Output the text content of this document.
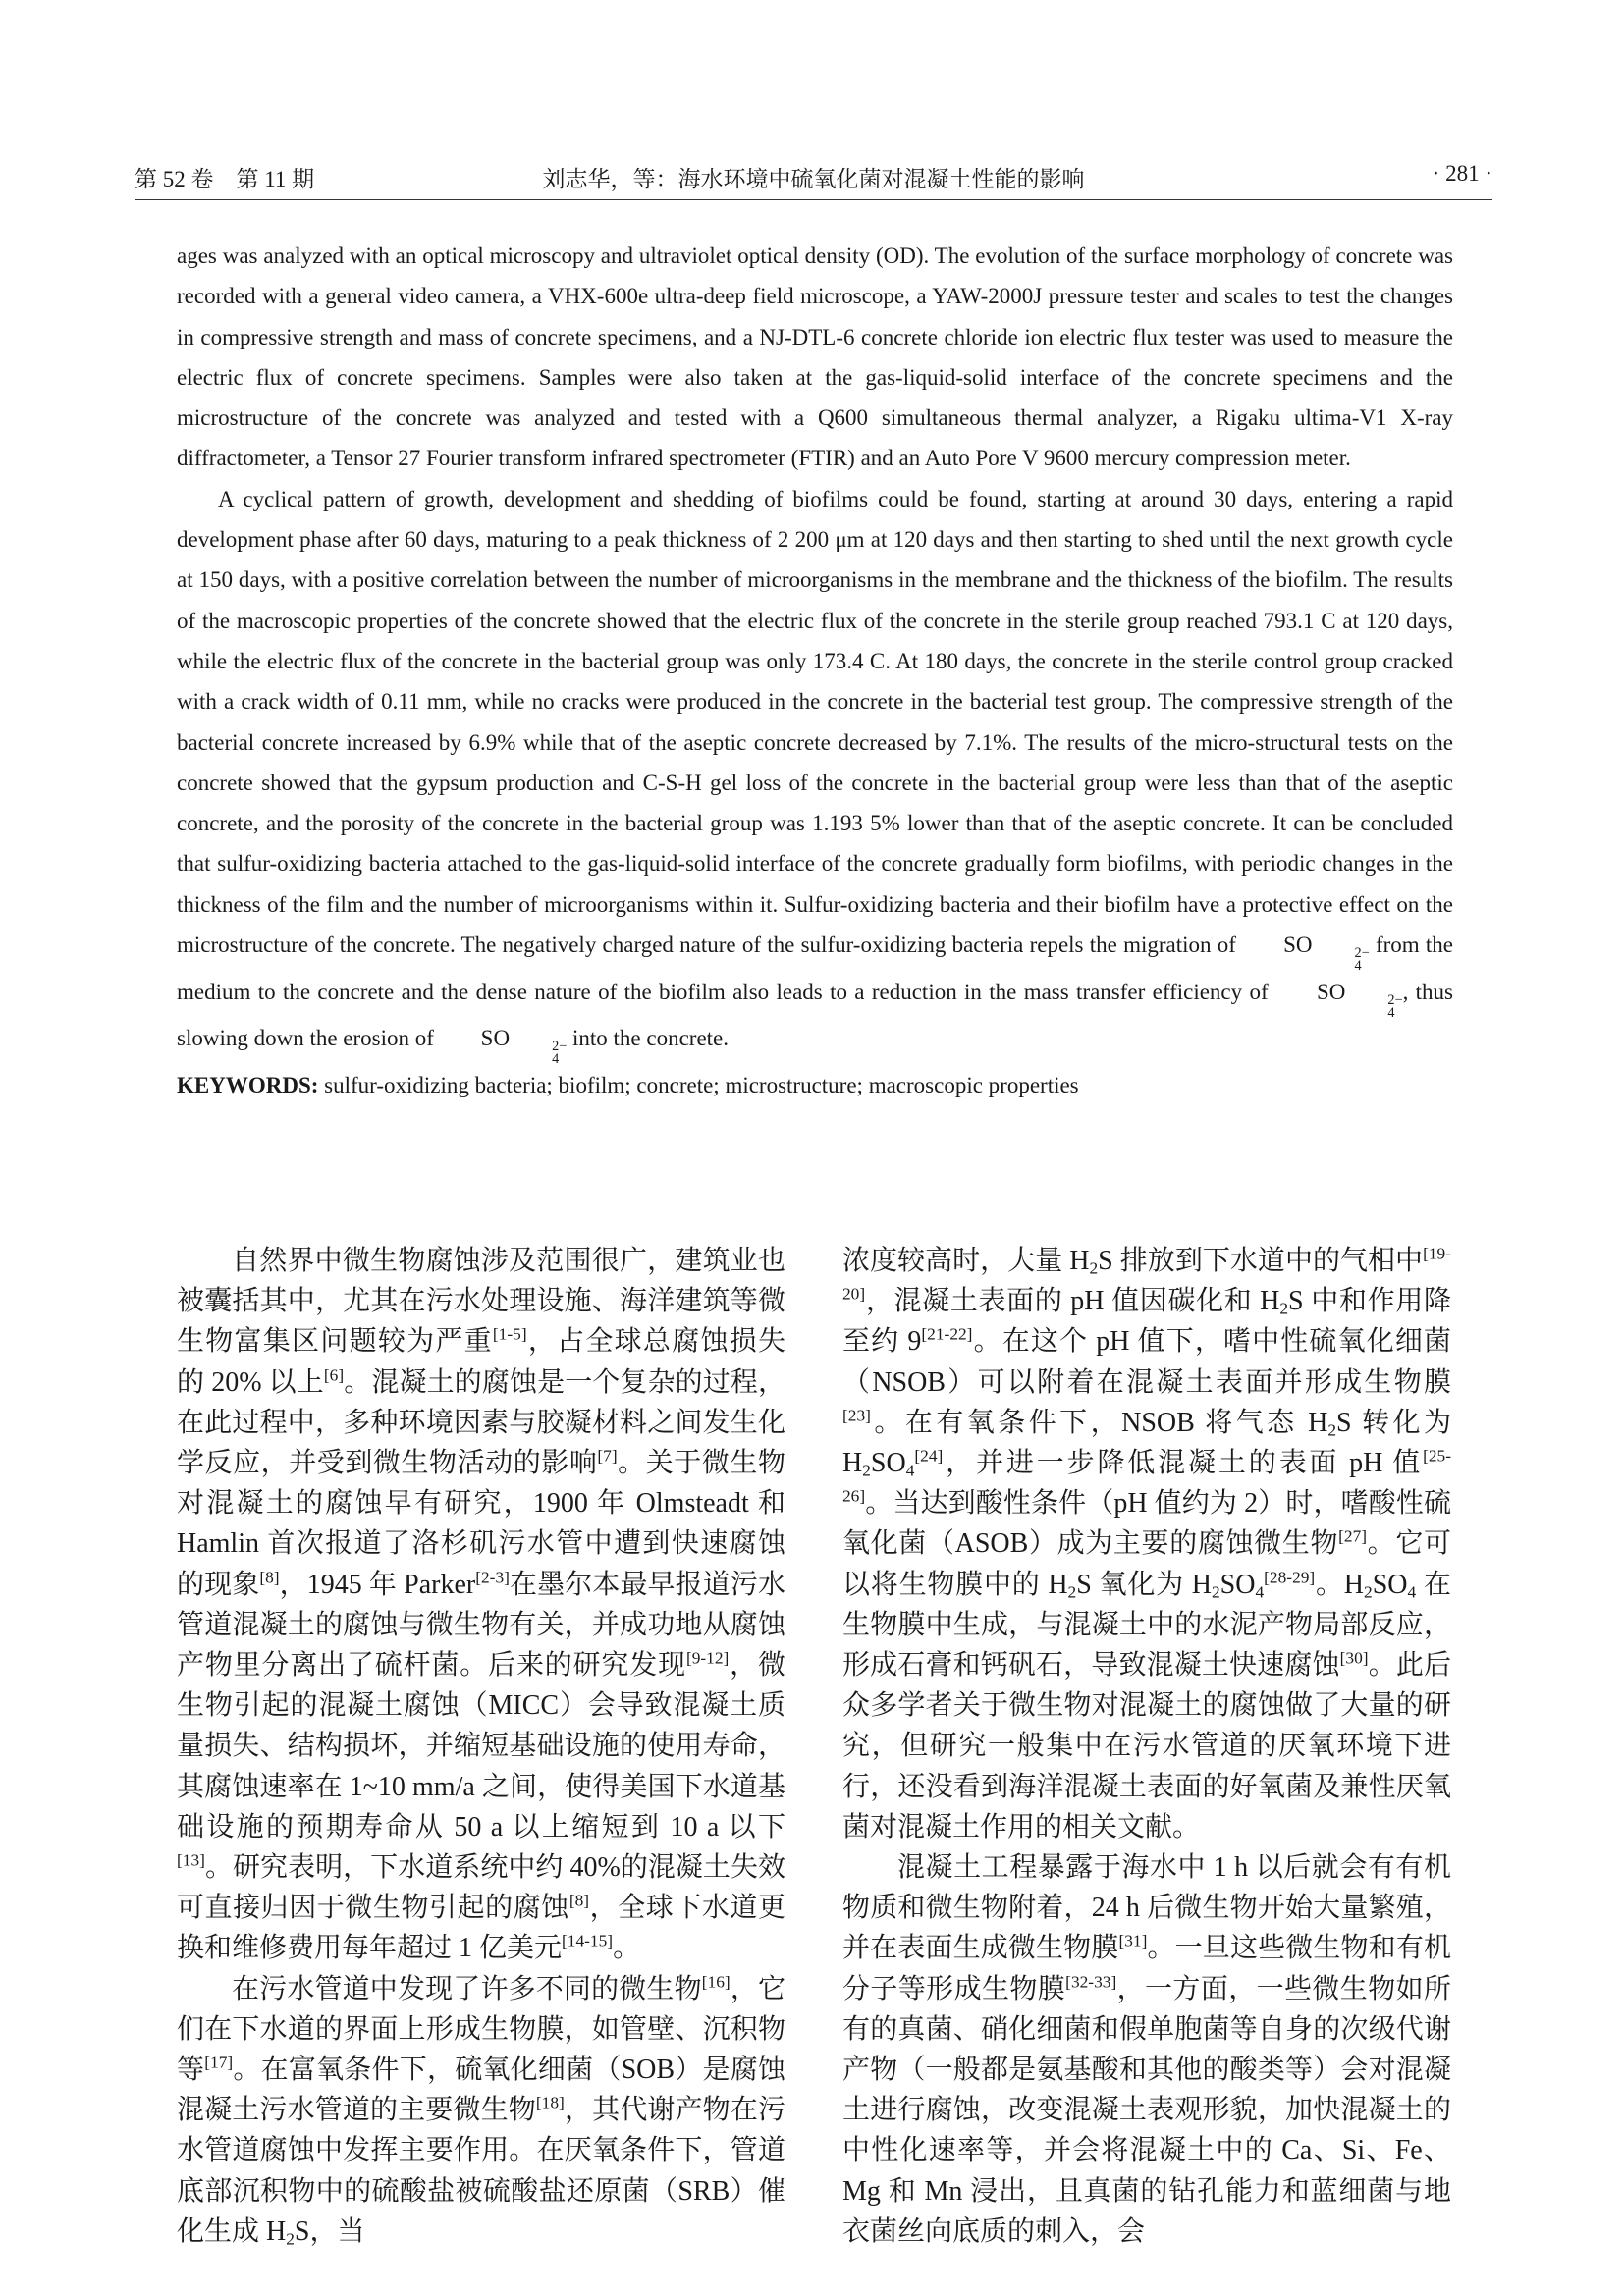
第 52 卷　第 11 期	刘志华，等：海水环境中硫氧化菌对混凝土性能的影响	· 281 ·

ages was analyzed with an optical microscopy and ultraviolet optical density (OD). The evolution of the surface morphology of concrete was recorded with a general video camera, a VHX-600e ultra-deep field microscope, a YAW-2000J pressure tester and scales to test the changes in compressive strength and mass of concrete specimens, and a NJ-DTL-6 concrete chloride ion electric flux tester was used to measure the electric flux of concrete specimens. Samples were also taken at the gas-liquid-solid interface of the concrete specimens and the microstructure of the concrete was analyzed and tested with a Q600 simultaneous thermal analyzer, a Rigaku ultima-V1 X-ray diffractometer, a Tensor 27 Fourier transform infrared spectrometer (FTIR) and an Auto Pore V 9600 mercury compression meter.

A cyclical pattern of growth, development and shedding of biofilms could be found, starting at around 30 days, entering a rapid development phase after 60 days, maturing to a peak thickness of 2 200 μm at 120 days and then starting to shed until the next growth cycle at 150 days, with a positive correlation between the number of microorganisms in the membrane and the thickness of the biofilm. The results of the macroscopic properties of the concrete showed that the electric flux of the concrete in the sterile group reached 793.1 C at 120 days, while the electric flux of the concrete in the bacterial group was only 173.4 C. At 180 days, the concrete in the sterile control group cracked with a crack width of 0.11 mm, while no cracks were produced in the concrete in the bacterial test group. The compressive strength of the bacterial concrete increased by 6.9% while that of the aseptic concrete decreased by 7.1%. The results of the micro-structural tests on the concrete showed that the gypsum production and C-S-H gel loss of the concrete in the bacterial group were less than that of the aseptic concrete, and the porosity of the concrete in the bacterial group was 1.193 5% lower than that of the aseptic concrete. It can be concluded that sulfur-oxidizing bacteria attached to the gas-liquid-solid interface of the concrete gradually form biofilms, with periodic changes in the thickness of the film and the number of microorganisms within it. Sulfur-oxidizing bacteria and their biofilm have a protective effect on the microstructure of the concrete. The negatively charged nature of the sulfur-oxidizing bacteria repels the migration of SO	2−
4
from the medium to the concrete and the dense nature of the biofilm also leads to a reduction in the mass transfer efficiency of SO	2−
4
, thus slowing down the erosion of SO	2−
4
into the concrete.

KEYWORDS: sulfur-oxidizing bacteria; biofilm; concrete; microstructure; macroscopic properties

自然界中微生物腐蚀涉及范围很广，建筑业也被囊括其中，尤其在污水处理设施、海洋建筑等微生物富集区问题较为严重[1-5]，占全球总腐蚀损失的 20% 以上[6]。混凝土的腐蚀是一个复杂的过程，在此过程中，多种环境因素与胶凝材料之间发生化学反应，并受到微生物活动的影响[7]。关于微生物对混凝土的腐蚀早有研究，1900 年 Olmsteadt 和 Hamlin 首次报道了洛杉矶污水管中遭到快速腐蚀的现象[8]，1945 年 Parker[2-3]在墨尔本最早报道污水管道混凝土的腐蚀与微生物有关，并成功地从腐蚀产物里分离出了硫杆菌。后来的研究发现[9-12]，微生物引起的混凝土腐蚀（MICC）会导致混凝土质量损失、结构损坏，并缩短基础设施的使用寿命，其腐蚀速率在 1~10 mm/a 之间，使得美国下水道基础设施的预期寿命从 50 a 以上缩短到 10 a 以下[13]。研究表明，下水道系统中约 40%的混凝土失效可直接归因于微生物引起的腐蚀[8]，全球下水道更换和维修费用每年超过 1 亿美元[14-15]。

在污水管道中发现了许多不同的微生物[16]，它们在下水道的界面上形成生物膜，如管壁、沉积物等[17]。在富氧条件下，硫氧化细菌（SOB）是腐蚀混凝土污水管道的主要微生物[18]，其代谢产物在污水管道腐蚀中发挥主要作用。在厌氧条件下，管道底部沉积物中的硫酸盐被硫酸盐还原菌（SRB）催化生成 $H_2S$，当

浓度较高时，大量 $H_2S$ 排放到下水道中的气相中[19-20]，混凝土表面的 pH 值因碳化和 $H_2S$ 中和作用降至约 9[21-22]。在这个 pH 值下，嗜中性硫氧化细菌（NSOB）可以附着在混凝土表面并形成生物膜[23]。在有氧条件下，NSOB 将气态 $H_2S$ 转化为 $H_2SO_4[24]$，并进一步降低混凝土的表面 pH 值[25-26]。当达到酸性条件（pH 值约为 2）时，嗜酸性硫氧化菌（ASOB）成为主要的腐蚀微生物[27]。它可以将生物膜中的 $H_2S$ 氧化为 $H_2SO_4[28-29]$。$H_2SO_4$ 在生物膜中生成，与混凝土中的水泥产物局部反应，形成石膏和钙矾石，导致混凝土快速腐蚀[30]。此后众多学者关于微生物对混凝土的腐蚀做了大量的研究，但研究一般集中在污水管道的厌氧环境下进行，还没看到海洋混凝土表面的好氧菌及兼性厌氧菌对混凝土作用的相关文献。

混凝土工程暴露于海水中 1 h 以后就会有有机物质和微生物附着，24 h 后微生物开始大量繁殖，并在表面生成微生物膜[31]。一旦这些微生物和有机分子等形成生物膜[32-33]，一方面，一些微生物如所有的真菌、硝化细菌和假单胞菌等自身的次级代谢产物（一般都是氨基酸和其他的酸类等）会对混凝土进行腐蚀，改变混凝土表观形貌，加快混凝土的中性化速率等，并会将混凝土中的 Ca、Si、Fe、Mg 和 Mn 浸出，且真菌的钻孔能力和蓝细菌与地衣菌丝向底质的刺入，会
